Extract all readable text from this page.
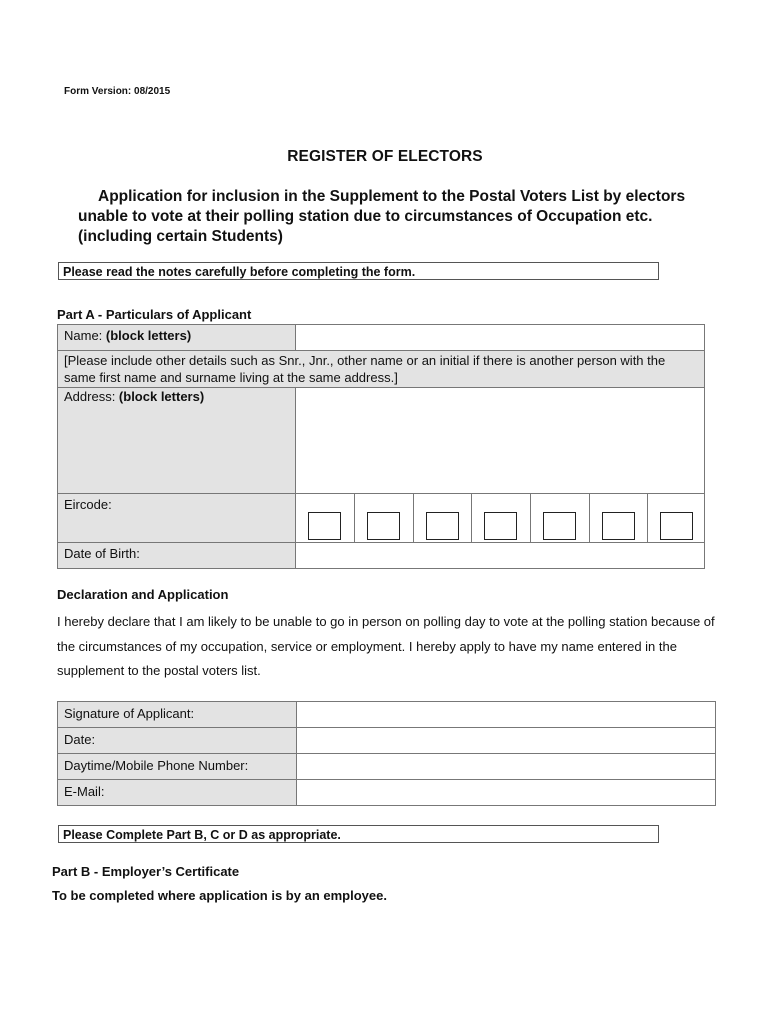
Form Version: 08/2015
REGISTER OF ELECTORS
Application for inclusion in the Supplement to the Postal Voters List by electors unable to vote at their polling station due to circumstances of Occupation etc. (including certain Students)
Please read the notes carefully before completing the form.
Part A - Particulars of Applicant
Name: (block letters)
[Please include other details such as Snr., Jnr., other name or an initial if there is another person with the same first name and surname living at the same address.]
Address: (block letters)
Eircode:
Date of Birth:
Declaration and Application
I hereby declare that I am likely to be unable to go in person on polling day to vote at the polling station because of the circumstances of my occupation, service or employment. I hereby apply to have my name entered in the supplement to the postal voters list.
Signature of Applicant:
Date:
Daytime/Mobile Phone Number:
E-Mail:
Please Complete Part B, C or D as appropriate.
Part B - Employer’s Certificate
To be completed where application is by an employee.
